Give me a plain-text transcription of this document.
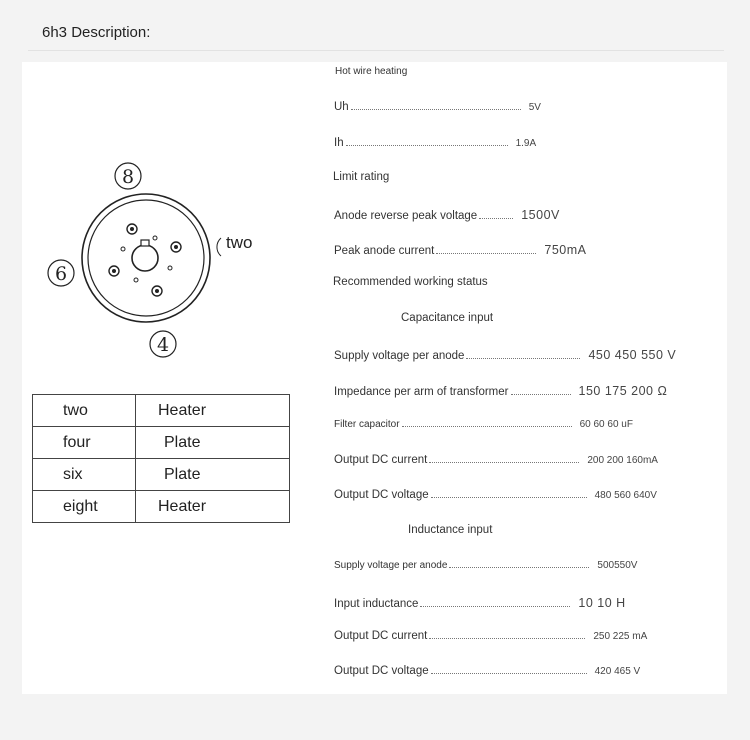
6h3 Description:
8
6
4
two
two	Heater
four	Plate
six	Plate
eight	Heater
Hot wire heating
Uh	5V
Ih	1.9A
Limit rating
Anode reverse peak voltage	1500V
Peak anode current	750mA
Recommended working status
Capacitance input
Supply voltage per anode	450 450 550 V
Impedance per arm of transformer	150 175 200 Ω
Filter capacitor	60 60 60 uF
Output DC current	200 200 160mA
Output DC voltage	480 560 640V
Inductance input
Supply voltage per anode	500550V
Input inductance	10 10 H
Output DC current	250 225 mA
Output DC voltage	420 465 V
